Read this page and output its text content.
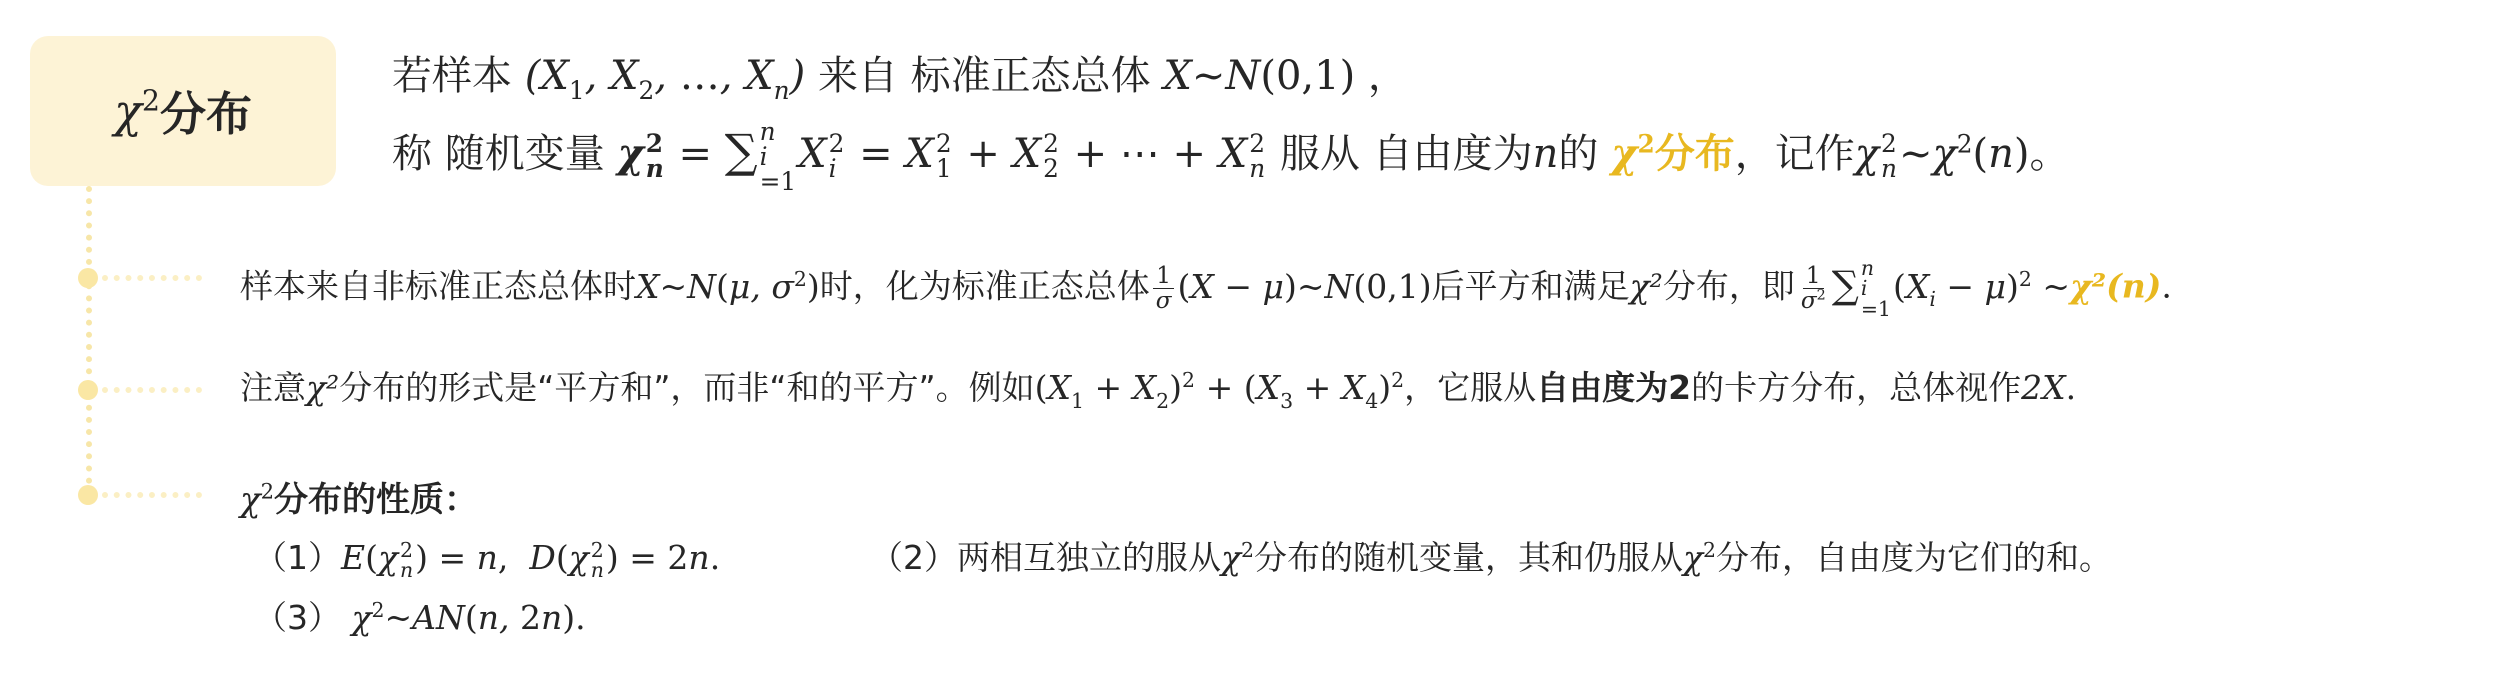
$\chi^2$ 分布
若样本 ($X_1$, $X_2$, …, $X_n$) 来自 标准正态总体 X~N(0,1) ，
称 随机变量 χ 2
n = ∑ n
i
=1
X 2
i = X 2
1 + X 2
2 + ⋯ + X 2
n 服从 自由度为n的 $\chi^2$分布，记作χ 2
n $\sim\chi^2(n)$。
样本来自非标准正态总体时X~N(μ, $\sigma^2$)时，化为标准正态总体 $\frac{1}{\sigma} (X$ − μ)~N(0,1)后平方和满足χ²分布，即 $\frac{1}{\sigma^2}$ ∑ n
i
=1
$(X_i - \mu)^2$ ~χ²(n).
注意χ²分布的形式是“平方和”，而非“和的平方”。例如$(X_1 + X_2)^2 + (X_3 + X_4)^2$，它服从自由度为2的卡方分布，总体视作2X.
$\chi^2$分布的性质：
（1）E(χ 2
n ) = n,  D(χ 2
n ) = 2n.	（2）两相互独立的服从$\chi^2$分布的随机变量，其和仍服从$\chi^2$分布，自由度为它们的和。
（3） $\chi^2\sim AN(n$, 2n).
